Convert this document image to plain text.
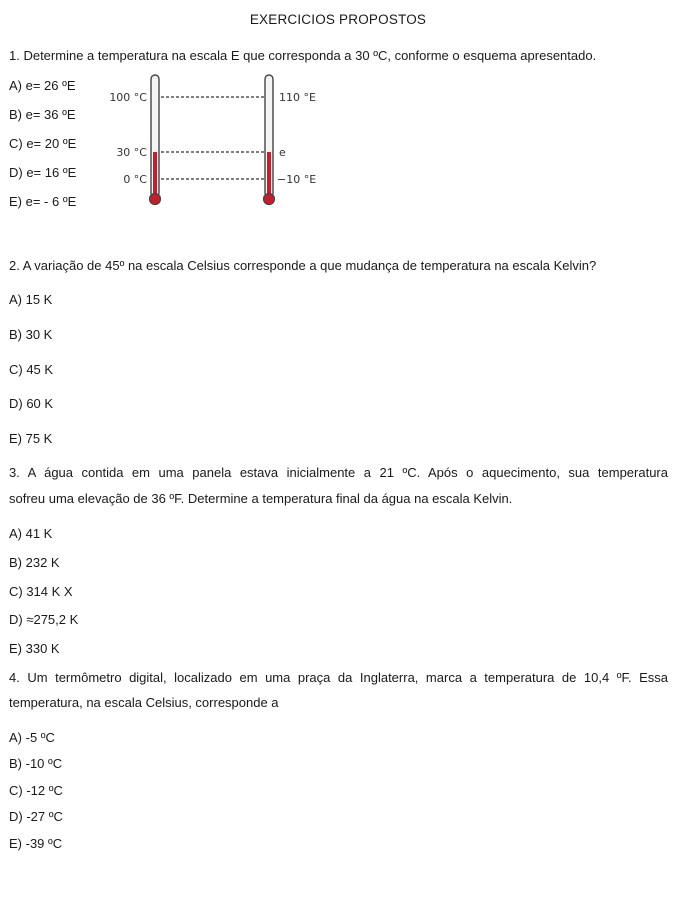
EXERCICIOS PROPOSTOS
1. Determine a temperatura na escala E que corresponda a 30 ºC, conforme o esquema apresentado.
A) e= 26 ºE
B) e= 36 ºE
C) e= 20 ºE
D) e= 16 ºE
E) e= - 6 ºE
100 °C
30 °C
0 °C
110 °E
e
−10 °E
2. A variação de 45º na escala Celsius corresponde a que mudança de temperatura na escala Kelvin?
A) 15 K
B) 30 K
C) 45 K
D) 60 K
E) 75 K
3. A água contida em uma panela estava inicialmente a 21 ºC. Após o aquecimento, sua temperatura
sofreu uma elevação de 36 ºF. Determine a temperatura final da água na escala Kelvin.
A) 41 K
B) 232 K
C) 314 K X
D) ≈275,2 K
E) 330 K
4. Um termômetro digital, localizado em uma praça da Inglaterra, marca a temperatura de 10,4 ºF. Essa
temperatura, na escala Celsius, corresponde a
A) -5 ºC
B) -10 ºC
C) -12 ºC
D) -27 ºC
E) -39 ºC
